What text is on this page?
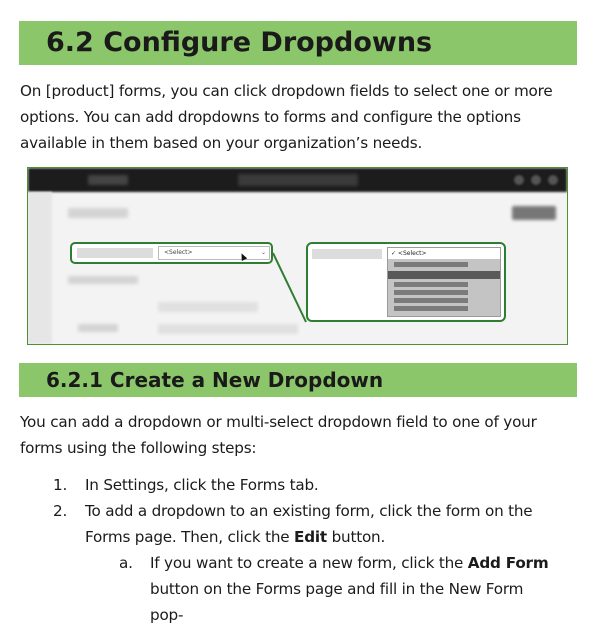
6.2 Configure Dropdowns

On [product] forms, you can click dropdown fields to select one or more options. You can add dropdowns to forms and configure the options available in them based on your organization’s needs.

<Select>	⌄	✓ <Select>
6.2.1 Create a New Dropdown

You can add a dropdown or multi-select dropdown field to one of your forms using the following steps:

1.	In Settings, click the Forms tab.
2.	To add a dropdown to an existing form, click the form on the Forms page. Then, click the Edit button.
a.	If you want to create a new form, click the Add Form button on the Forms page and fill in the New Form pop-
